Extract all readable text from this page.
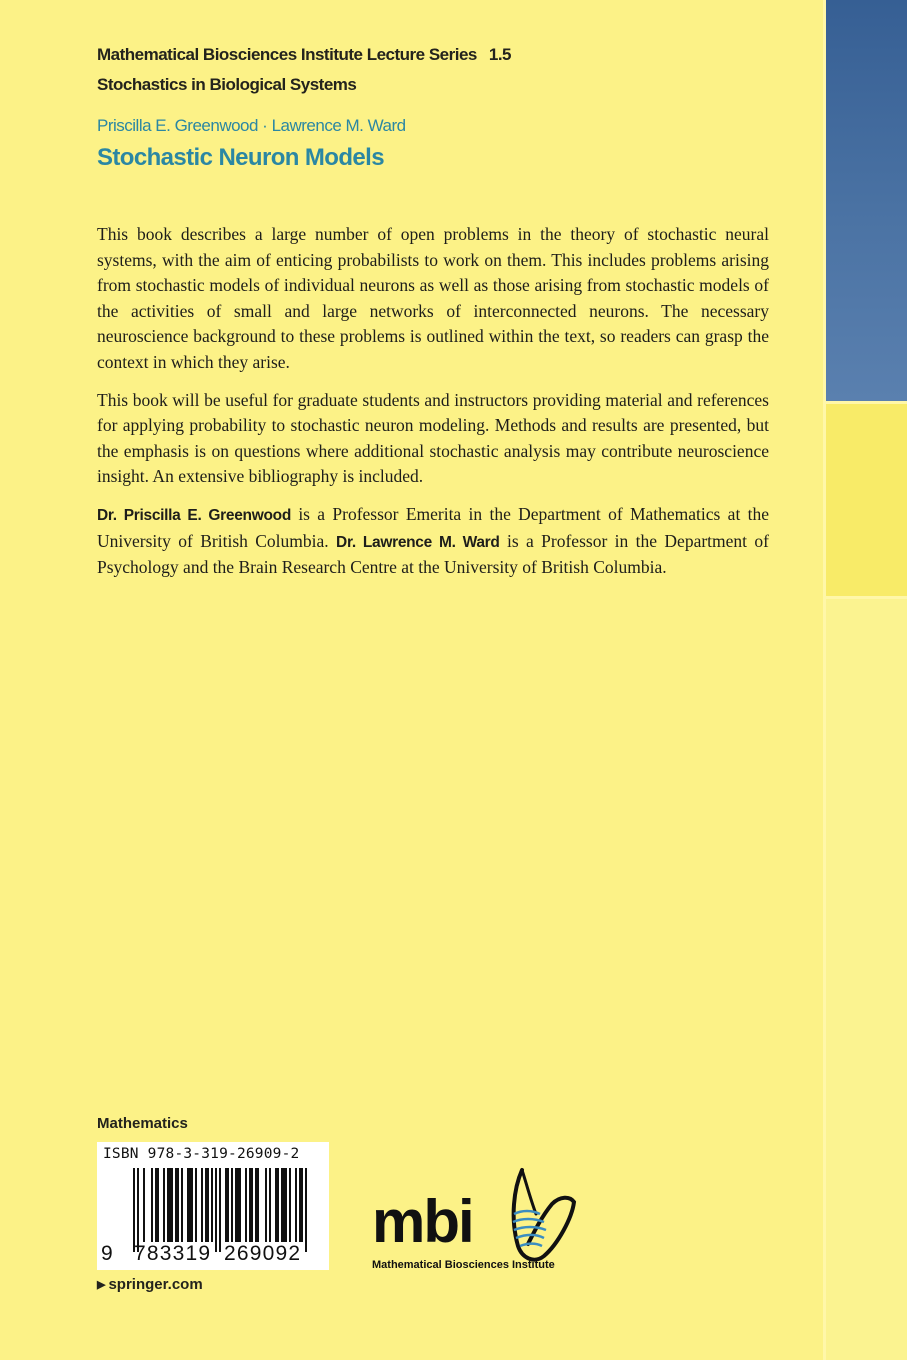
Mathematical Biosciences Institute Lecture Series 1.5
Stochastics in Biological Systems
Priscilla E. Greenwood · Lawrence M. Ward
Stochastic Neuron Models

This book describes a large number of open problems in the theory of stochastic neural systems, with the aim of enticing probabilists to work on them. This includes problems arising from stochastic models of individual neurons as well as those arising from stochastic models of the activities of small and large networks of interconnected neurons. The necessary neuroscience background to these problems is outlined within the text, so readers can grasp the context in which they arise.

This book will be useful for graduate students and instructors providing material and references for applying probability to stochastic neuron modeling. Methods and results are presented, but the emphasis is on questions where additional stochastic analysis may contribute neuroscience insight. An extensive bibliography is included.

Dr. Priscilla E. Greenwood is a Professor Emerita in the Department of Mathematics at the University of British Columbia. Dr. Lawrence M. Ward is a Professor in the Department of Psychology and the Brain Research Centre at the University of British Columbia.

Mathematics
ISBN 978-3-319-26909-2
9 783319 269092
▶ springer.com
mbi
Mathematical Biosciences Institute
